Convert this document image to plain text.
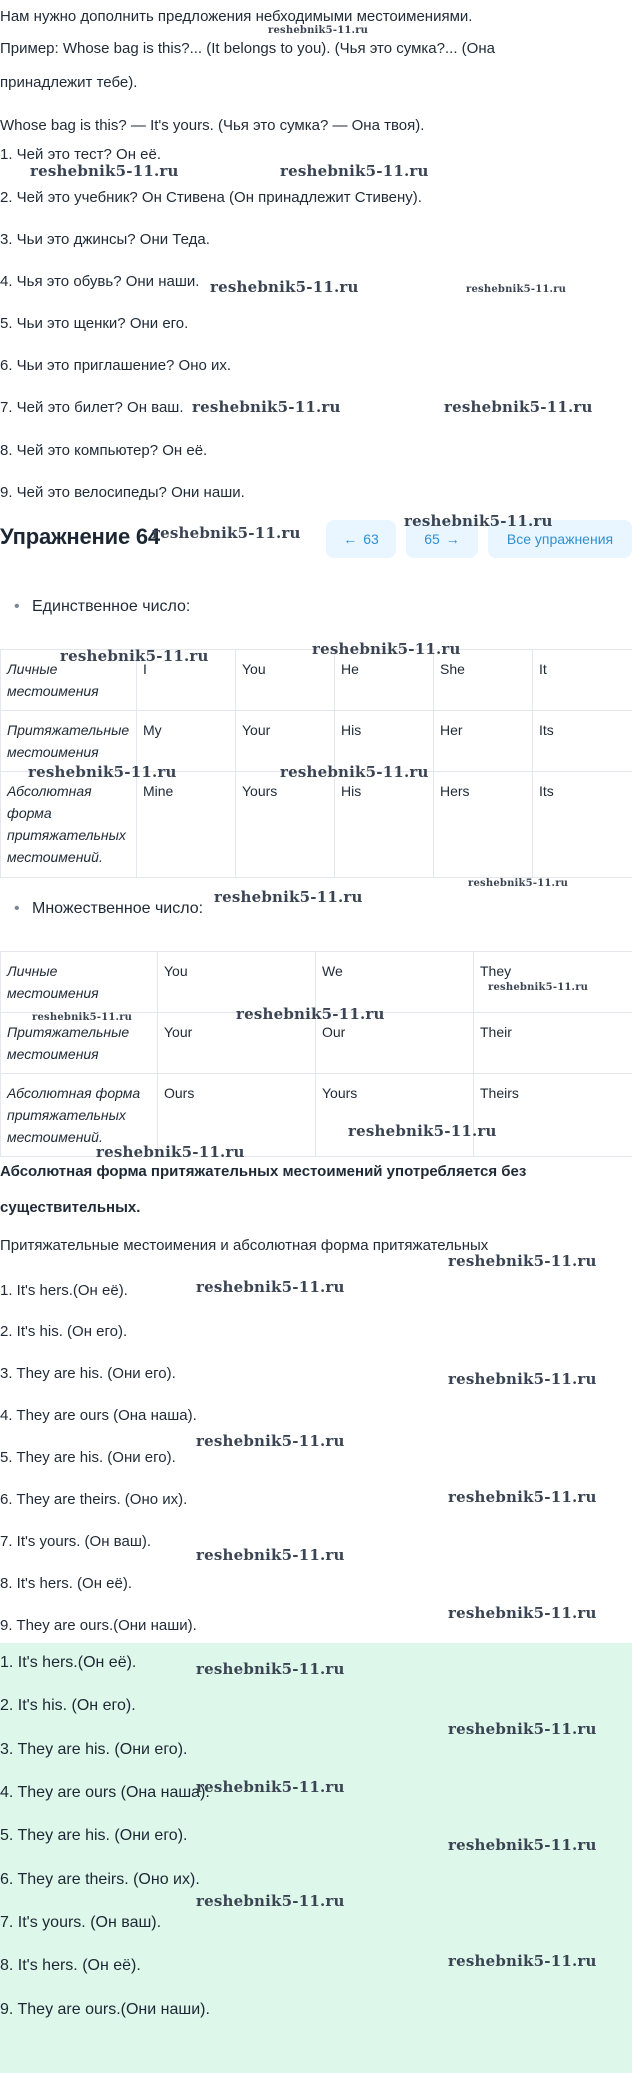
Нам нужно дополнить предложения небходимыми местоимениями.
Пример: Whose bag is this?... (It belongs to you). (Чья это сумка?... (Она
принадлежит тебе).
Whose bag is this? — It's yours. (Чья это сумка? — Она твоя).
1. Чей это тест? Он её.
2. Чей это учебник? Он Стивена (Он принадлежит Стивену).
3. Чьи это джинсы? Они Теда.
4. Чья это обувь? Они наши.
5. Чьи это щенки? Они его.
6. Чьи это приглашение? Оно их.
7. Чей это билет? Он ваш.
8. Чей это компьютер? Он её.
9. Чей это велосипеды? Они наши.
Упражнение 64	← 63	65 →	Все упражнения
• Единственное число:
Личные местоимения	I	You	He	She	It
Притяжательные местоимения	My	Your	His	Her	Its
Абсолютная форма притяжательных местоимений.	Mine	Yours	His	Hers	Its
• Множественное число:
Личные местоимения	You	We	They
Притяжательные местоимения	Your	Our	Their
Абсолютная форма притяжательных местоимений.	Ours	Yours	Theirs
Абсолютная форма притяжательных местоимений употребляется без
существительных.
Притяжательные местоимения и абсолютная форма притяжательных
1. It's hers.(Он её).
2. It's his. (Он его).
3. They are his. (Они его).
4. They are ours (Она наша).
5. They are his. (Они его).
6. They are theirs. (Оно их).
7. It's yours. (Он ваш).
8. It's hers. (Он её).
9. They are ours.(Они наши).
1. It's hers.(Он её).
2. It's his. (Он его).
3. They are his. (Они его).
4. They are ours (Она наша).
5. They are his. (Они его).
6. They are theirs. (Оно их).
7. It's yours. (Он ваш).
8. It's hers. (Он её).
9. They are ours.(Они наши).
reshebnik5-11.ru
reshebnik5-11.ru	reshebnik5-11.ru
reshebnik5-11.ru	reshebnik5-11.ru
reshebnik5-11.ru	reshebnik5-11.ru
reshebnik5-11.ru
reshebnik5-11.ru
reshebnik5-11.ru	reshebnik5-11.ru
reshebnik5-11.ru	reshebnik5-11.ru
reshebnik5-11.ru
reshebnik5-11.ru
reshebnik5-11.ru
reshebnik5-11.ru
reshebnik5-11.ru
reshebnik5-11.ru
reshebnik5-11.ru
reshebnik5-11.ru
reshebnik5-11.ru
reshebnik5-11.ru
reshebnik5-11.ru
reshebnik5-11.ru
reshebnik5-11.ru
reshebnik5-11.ru
reshebnik5-11.ru
reshebnik5-11.ru
reshebnik5-11.ru
reshebnik5-11.ru
reshebnik5-11.ru
reshebnik5-11.ru
